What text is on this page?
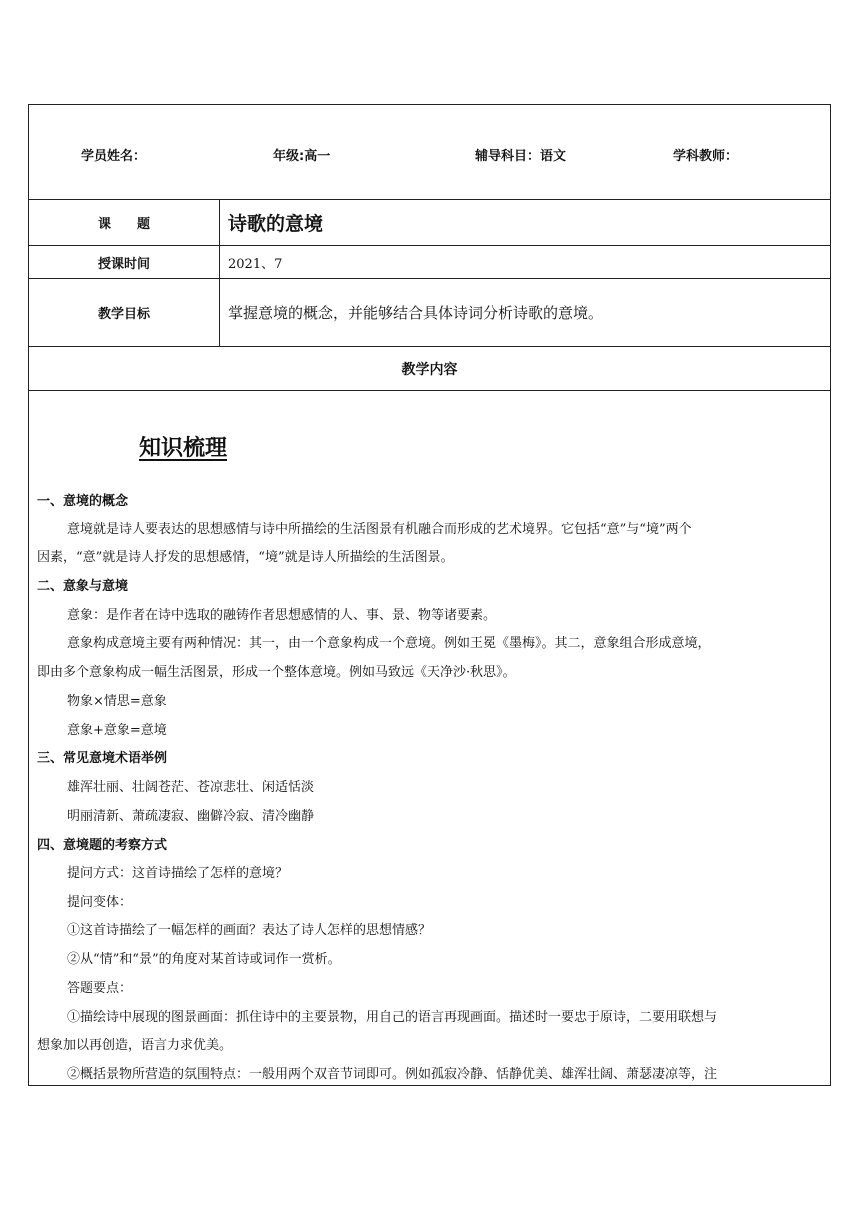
学员姓名：	年级:高一	辅导科目：语文	学科教师：
课　　题	诗歌的意境
授课时间	2021、7
教学目标	掌握意境的概念，并能够结合具体诗词分析诗歌的意境。
教学内容
知识梳理
一、意境的概念
意境就是诗人要表达的思想感情与诗中所描绘的生活图景有机融合而形成的艺术境界。它包括“意”与“境”两个
因素，“意”就是诗人抒发的思想感情，“境”就是诗人所描绘的生活图景。
二、意象与意境
意象：是作者在诗中选取的融铸作者思想感情的人、事、景、物等诸要素。
意象构成意境主要有两种情况：其一，由一个意象构成一个意境。例如王冕《墨梅》。其二，意象组合形成意境，
即由多个意象构成一幅生活图景，形成一个整体意境。例如马致远《天净沙·秋思》。
物象×情思=意象
意象+意象=意境
三、常见意境术语举例
雄浑壮丽、壮阔苍茫、苍凉悲壮、闲适恬淡
明丽清新、萧疏凄寂、幽僻冷寂、清冷幽静
四、意境题的考察方式
提问方式：这首诗描绘了怎样的意境？
提问变体：
①这首诗描绘了一幅怎样的画面？表达了诗人怎样的思想情感？
②从“情”和“景”的角度对某首诗或词作一赏析。
答题要点：
①描绘诗中展现的图景画面：抓住诗中的主要景物，用自己的语言再现画面。描述时一要忠于原诗，二要用联想与
想象加以再创造，语言力求优美。
②概括景物所营造的氛围特点：一般用两个双音节词即可。例如孤寂冷静、恬静优美、雄浑壮阔、萧瑟凄凉等，注
